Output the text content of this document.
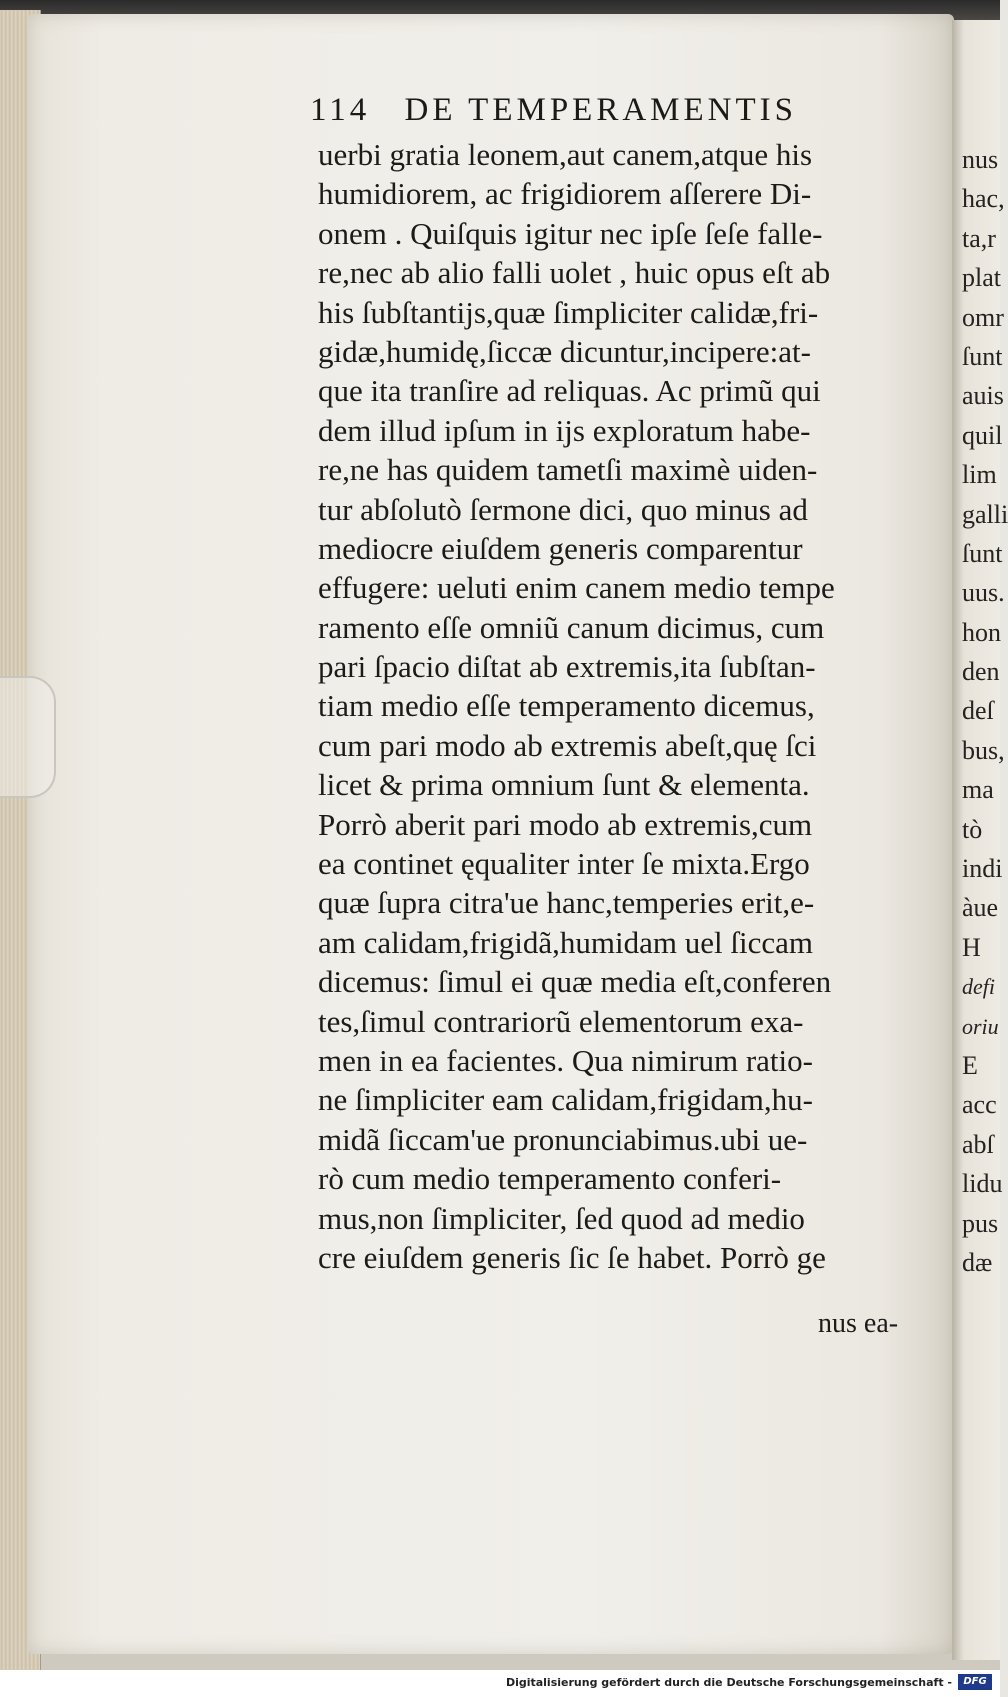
nus
hac,
ta,r
plat
omr
ſunt
auis
quil
lim
galli
ſunt
uus.
hon
den
deſ
bus,
ma
tò
indi
àue
H
defi
oriu
E
acc
abſ
lidu
pus
dæ
114 DE TEMPERAMENTIS
uerbi gratia leonem,aut canem,atque his
humidiorem, ac frigidiorem aſſerere Di-
onem . Quiſquis igitur nec ipſe ſeſe falle-
re,nec ab alio falli uolet , huic opus eſt ab
his ſubſtantijs,quæ ſimpliciter calidæ,fri-
gidæ,humidę,ſiccæ dicuntur,incipere:at-
que ita tranſire ad reliquas. Ac primũ qui
dem illud ipſum in ijs exploratum habe-
re,ne has quidem tametſi maximè uiden-
tur abſolutò ſermone dici, quo minus ad
mediocre eiuſdem generis comparentur
effugere: ueluti enim canem medio tempe
ramento eſſe omniũ canum dicimus, cum
pari ſpacio diſtat ab extremis,ita ſubſtan-
tiam medio eſſe temperamento dicemus,
cum pari modo ab extremis abeſt,quę ſci
licet & prima omnium ſunt & elementa.
Porrò aberit pari modo ab extremis,cum
ea continet ęqualiter inter ſe mixta.Ergo
quæ ſupra citra'ue hanc,temperies erit,e-
am calidam,frigidã,humidam uel ſiccam
dicemus: ſimul ei quæ media eſt,conferen
tes,ſimul contrariorũ elementorum exa-
men in ea facientes. Qua nimirum ratio-
ne ſimpliciter eam calidam,frigidam,hu-
midã ſiccam'ue pronunciabimus.ubi ue-
rò cum medio temperamento conferi-
mus,non ſimpliciter, ſed quod ad medio
cre eiuſdem generis ſic ſe habet. Porrò ge
nus ea-
Digitalisierung gefördert durch die Deutsche Forschungsgemeinschaft -	DFG
